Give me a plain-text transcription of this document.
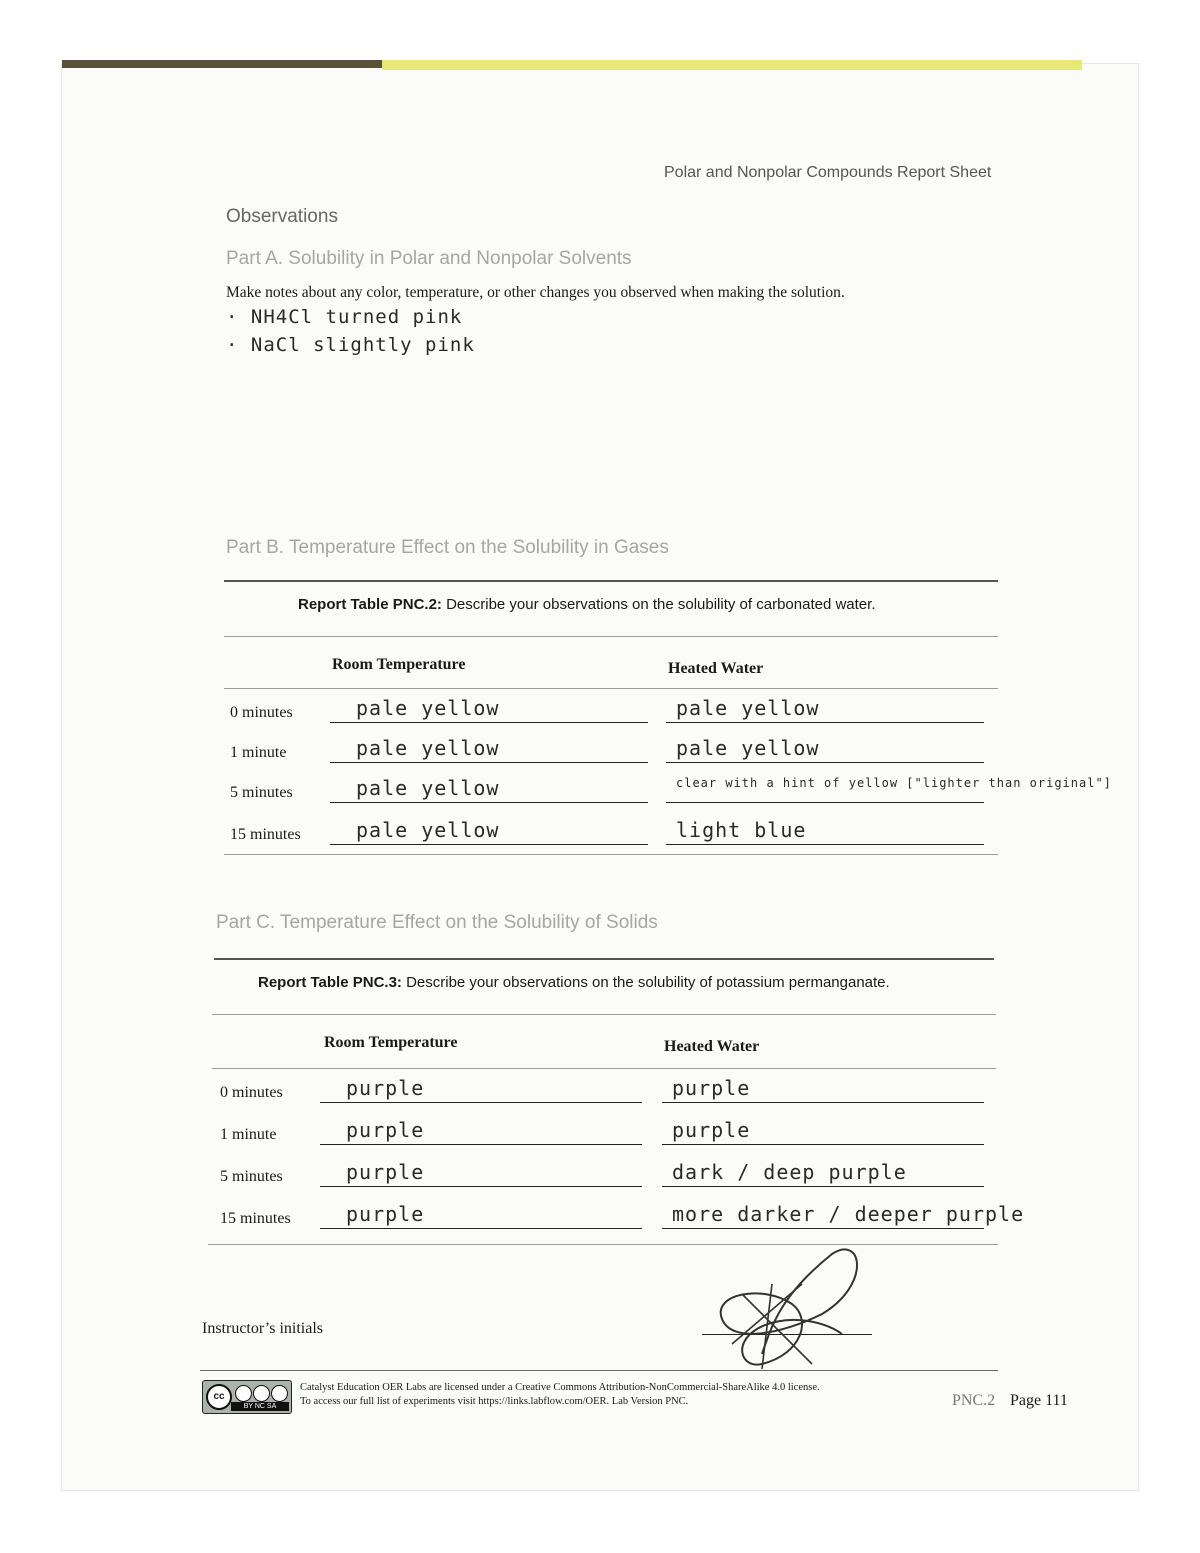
Polar and Nonpolar Compounds Report Sheet
Observations
Part A. Solubility in Polar and Nonpolar Solvents
Make notes about any color, temperature, or other changes you observed when making the solution.
· NH4Cl turned pink
· NaCl slightly pink
Part B. Temperature Effect on the Solubility in Gases
Report Table PNC.2: Describe your observations on the solubility of carbonated water.
Room Temperature	Heated Water
0 minutes	pale yellow	pale yellow
1 minute	pale yellow	pale yellow
5 minutes	pale yellow	clear with a hint of yellow ["lighter than original"]
15 minutes	pale yellow	light blue
Part C. Temperature Effect on the Solubility of Solids
Report Table PNC.3: Describe your observations on the solubility of potassium permanganate.
Room Temperature	Heated Water
0 minutes	purple	purple
1 minute	purple	purple
5 minutes	purple	dark / deep purple
15 minutes	purple	more darker / deeper purple
Instructor’s initials
cc
BY NC SA
Catalyst Education OER Labs are licensed under a Creative Commons Attribution-NonCommercial-ShareAlike 4.0 license.
To access our full list of experiments visit https://links.labflow.com/OER. Lab Version PNC.	PNC.2 Page 111
